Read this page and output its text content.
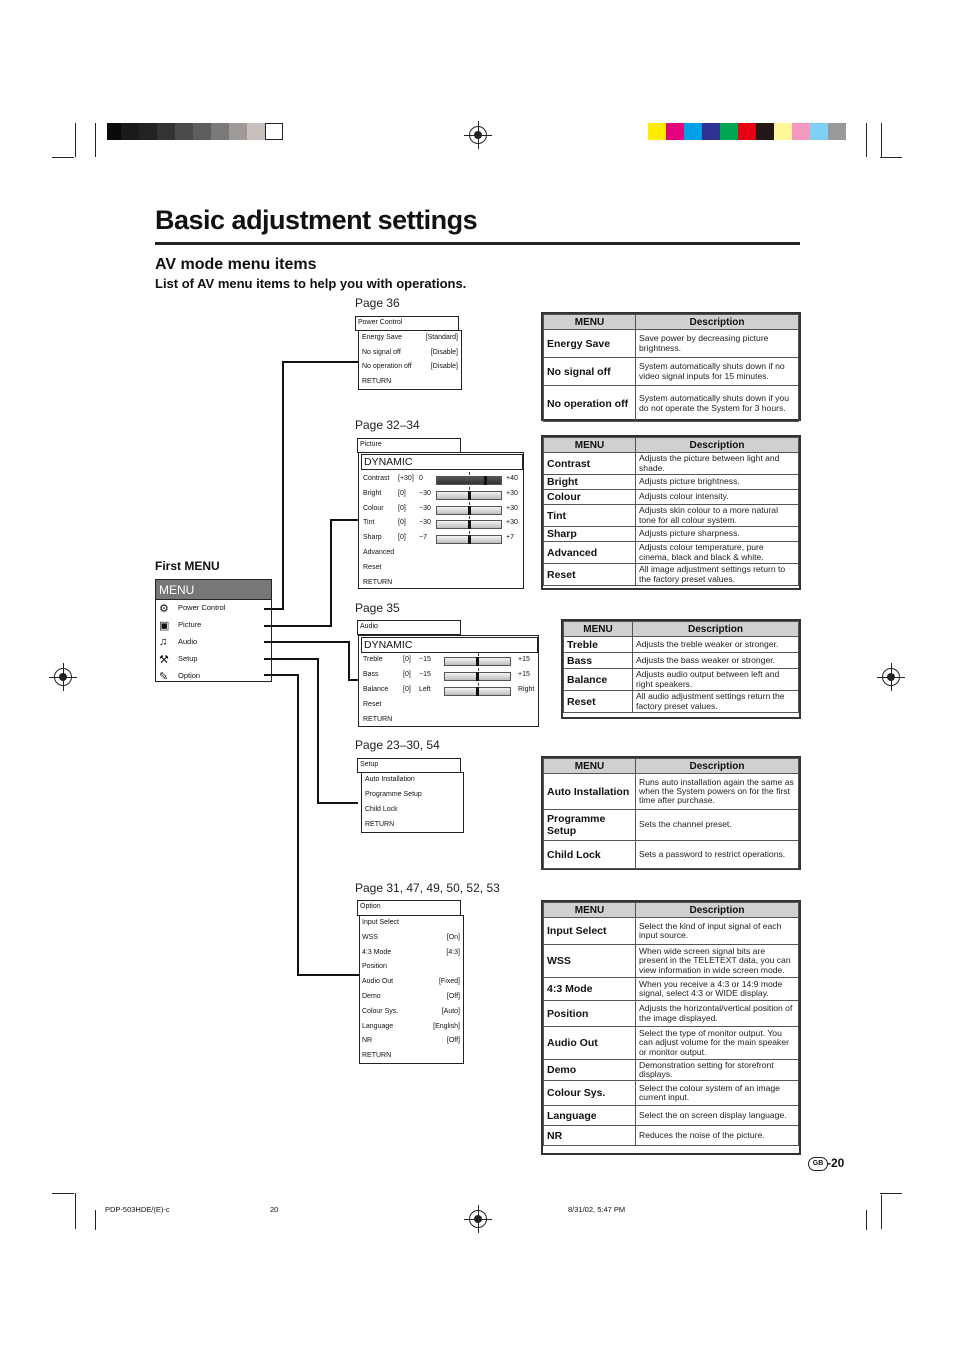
Basic adjustment settings
AV mode menu items
List of AV menu items to help you with operations.
First MENU
MENU
⚙ Power Control
▣ Picture
♫ Audio
⚒ Setup
✎ Option
Page 36
Power Control
Energy Save	[Standard]
No signal off	[Disable]
No operation off	[Disable]
RETURN
Page 32–34
Picture
DYNAMIC
Contrast [+30] 0	+40
Bright [0] −30	+30
Colour [0] −30	+30
Tint	[0] −30	+30
Sharp [0] −7	+7
Advanced
Reset
RETURN
Page 35
Audio
DYNAMIC
Treble	[0] −15	+15
Bass	[0] −15	+15
Balance [0] Left	Right
Reset
RETURN
Page 23–30, 54
Setup
Auto Installation
Programme Setup
Child Lock
RETURN
Page 31, 47, 49, 50, 52, 53
Option
Input Select
WSS	[On]
4:3 Mode	[4:3]
Position
Audio Out	[Fixed]
Demo	[Off]
Colour Sys.	[Auto]
Language	[English]
NR	[Off]
RETURN
MENU	Description
Energy Save	Save power by decreasing picture brightness.
No signal off	System automatically shuts down if no video signal inputs for 15 minutes.
No operation off	System automatically shuts down if you do not operate the System for 3 hours.
MENU	Description
Contrast	Adjusts the picture between light and shade.
Bright	Adjusts picture brightness.
Colour	Adjusts colour intensity.
Tint	Adjusts skin colour to a more natural tone for all colour system.
Sharp	Adjusts picture sharpness.
Advanced	Adjusts colour temperature, pure cinema, black and black & white.
Reset	All image adjustment settings return to the factory preset values.
MENU	Description
Treble	Adjusts the treble weaker or stronger.
Bass	Adjusts the bass weaker or stronger.
Balance	Adjusts audio output between left and right speakers.
Reset	All audio adjustment settings return the factory preset values.
MENU	Description
Auto Installation	Runs auto installation again the same as when the System powers on for the first time after purchase.
Programme Setup	Sets the channel preset.
Child Lock	Sets a password to restrict operations.
MENU	Description
Input Select	Select the kind of input signal of each input source.
WSS	When wide screen signal bits are present in the TELETEXT data, you can view information in wide screen mode.
4:3 Mode	When you receive a 4:3 or 14:9 mode signal, select 4:3 or WIDE display.
Position	Adjusts the horizontal/vertical position of the image displayed.
Audio Out	Select the type of monitor output. You can adjust volume for the main speaker or monitor output.
Demo	Demonstration setting for storefront displays.
Colour Sys.	Select the colour system of an image current input.
Language	Select the on screen display language.
NR	Reduces the noise of the picture.
GB -20
PDP-503HDE/(E)-c	20	8/31/02, 5:47 PM
